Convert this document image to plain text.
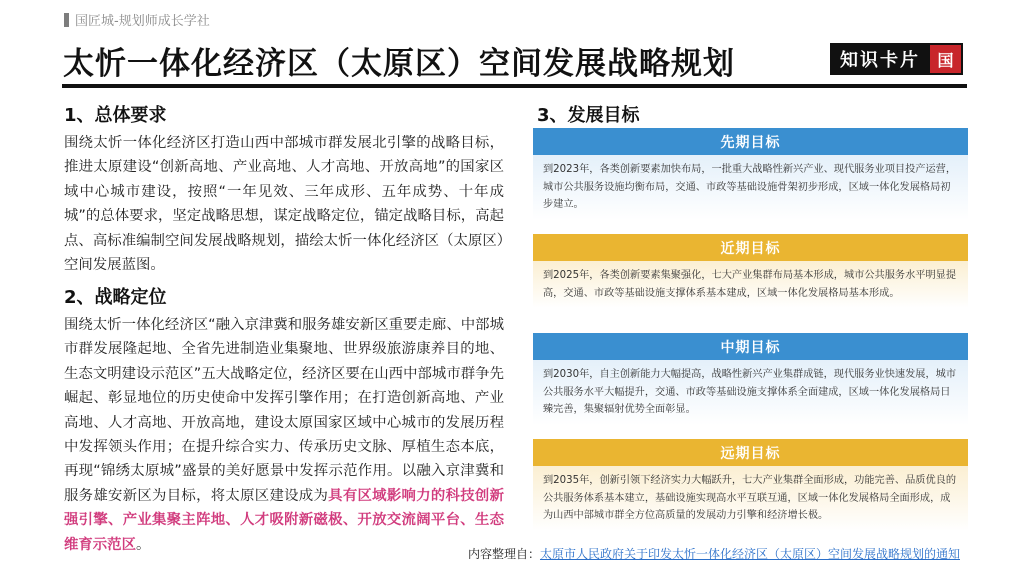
国匠城-规划师成长学社
太忻一体化经济区（太原区）空间发展战略规划	知识卡片	国
1、总体要求
围绕太忻一体化经济区打造山西中部城市群发展北引擎的战略目标，推进太原建设“创新高地、产业高地、人才高地、开放高地”的国家区域中心城市建设，按照“一年见效、三年成形、五年成势、十年成城”的总体要求，坚定战略思想，谋定战略定位，锚定战略目标，高起点、高标准编制空间发展战略规划，描绘太忻一体化经济区（太原区）空间发展蓝图。
2、战略定位
围绕太忻一体化经济区“融入京津冀和服务雄安新区重要走廊、中部城市群发展隆起地、全省先进制造业集聚地、世界级旅游康养目的地、生态文明建设示范区”五大战略定位，经济区要在山西中部城市群争先崛起、彰显地位的历史使命中发挥引擎作用；在打造创新高地、产业高地、人才高地、开放高地，建设太原国家区域中心城市的发展历程中发挥领头作用；在提升综合实力、传承历史文脉、厚植生态本底，再现“锦绣太原城”盛景的美好愿景中发挥示范作用。以融入京津冀和服务雄安新区为目标，将太原区建设成为具有区域影响力的科技创新强引擎、产业集聚主阵地、人才吸附新磁极、开放交流阔平台、生态维育示范区。
3、发展目标
先期目标
到2023年，各类创新要素加快布局，一批重大战略性新兴产业、现代服务业项目投产运营，城市公共服务设施均衡布局，交通、市政等基础设施骨架初步形成，区域一体化发展格局初步建立。
近期目标
到2025年，各类创新要素集聚强化，七大产业集群布局基本形成，城市公共服务水平明显提高，交通、市政等基础设施支撑体系基本建成，区域一体化发展格局基本形成。
中期目标
到2030年，自主创新能力大幅提高，战略性新兴产业集群成链，现代服务业快速发展，城市公共服务水平大幅提升，交通、市政等基础设施支撑体系全面建成，区域一体化发展格局日臻完善，集聚辐射优势全面彰显。
远期目标
到2035年，创新引领下经济实力大幅跃升，七大产业集群全面形成，功能完善、品质优良的公共服务体系基本建立，基础设施实现高水平互联互通，区域一体化发展格局全面形成，成为山西中部城市群全方位高质量的发展动力引擎和经济增长极。
内容整理自：太原市人民政府关于印发太忻一体化经济区（太原区）空间发展战略规划的通知
